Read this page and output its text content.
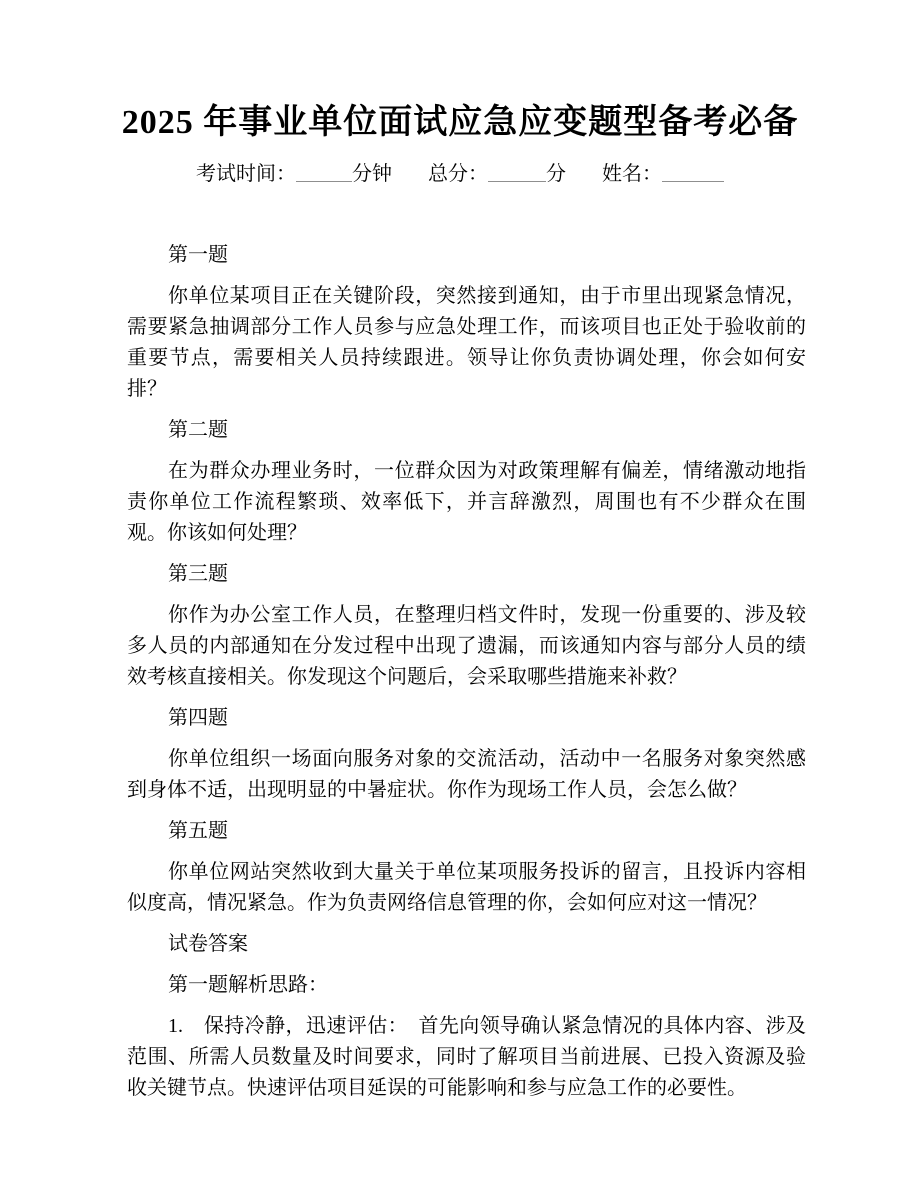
2025 年事业单位面试应急应变题型备考必备
考试时间：	分钟 总分：	分 姓名：

第一题

你单位某项目正在关键阶段，突然接到通知，由于市里出现紧急情况，需要紧急抽调部分工作人员参与应急处理工作，而该项目也正处于验收前的重要节点，需要相关人员持续跟进。领导让你负责协调处理，你会如何安排？

第二题

在为群众办理业务时，一位群众因为对政策理解有偏差，情绪激动地指责你单位工作流程繁琐、效率低下，并言辞激烈，周围也有不少群众在围观。你该如何处理？

第三题

你作为办公室工作人员，在整理归档文件时，发现一份重要的、涉及较多人员的内部通知在分发过程中出现了遗漏，而该通知内容与部分人员的绩效考核直接相关。你发现这个问题后，会采取哪些措施来补救？

第四题

你单位组织一场面向服务对象的交流活动，活动中一名服务对象突然感到身体不适，出现明显的中暑症状。你作为现场工作人员，会怎么做？

第五题

你单位网站突然收到大量关于单位某项服务投诉的留言，且投诉内容相似度高，情况紧急。作为负责网络信息管理的你，会如何应对这一情况？

试卷答案

第一题解析思路：

1.　保持冷静，迅速评估：　首先向领导确认紧急情况的具体内容、涉及范围、所需人员数量及时间要求，同时了解项目当前进展、已投入资源及验收关键节点。快速评估项目延误的可能影响和参与应急工作的必要性。
